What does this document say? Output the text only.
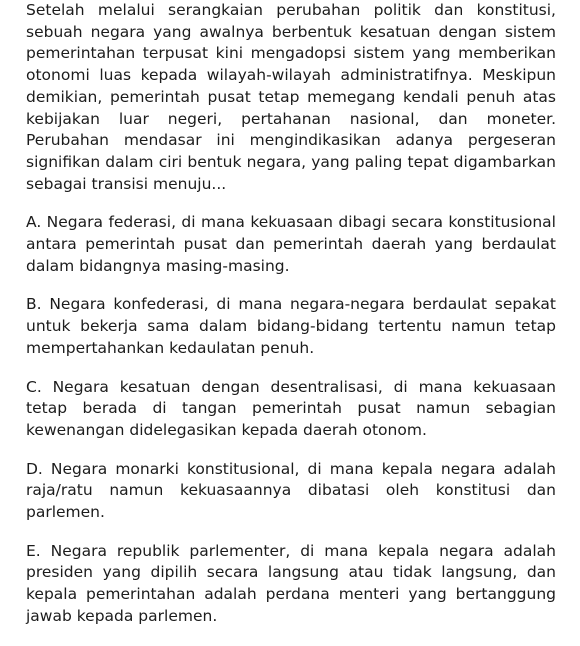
Setelah melalui serangkaian perubahan politik dan konstitusi, sebuah negara yang awalnya berbentuk kesatuan dengan sistem pemerintahan terpusat kini mengadopsi sistem yang memberikan otonomi luas kepada wilayah-wilayah administratifnya. Meskipun demikian, pemerintah pusat tetap memegang kendali penuh atas kebijakan luar negeri, pertahanan nasional, dan moneter. Perubahan mendasar ini mengindikasikan adanya pergeseran signifikan dalam ciri bentuk negara, yang paling tepat digambarkan sebagai transisi menuju...

A. Negara federasi, di mana kekuasaan dibagi secara konstitusional antara pemerintah pusat dan pemerintah daerah yang berdaulat dalam bidangnya masing-masing.

B. Negara konfederasi, di mana negara-negara berdaulat sepakat untuk bekerja sama dalam bidang-bidang tertentu namun tetap mempertahankan kedaulatan penuh.

C. Negara kesatuan dengan desentralisasi, di mana kekuasaan tetap berada di tangan pemerintah pusat namun sebagian kewenangan didelegasikan kepada daerah otonom.

D. Negara monarki konstitusional, di mana kepala negara adalah raja/ratu namun kekuasaannya dibatasi oleh konstitusi dan parlemen.

E. Negara republik parlementer, di mana kepala negara adalah presiden yang dipilih secara langsung atau tidak langsung, dan kepala pemerintahan adalah perdana menteri yang bertanggung jawab kepada parlemen.
